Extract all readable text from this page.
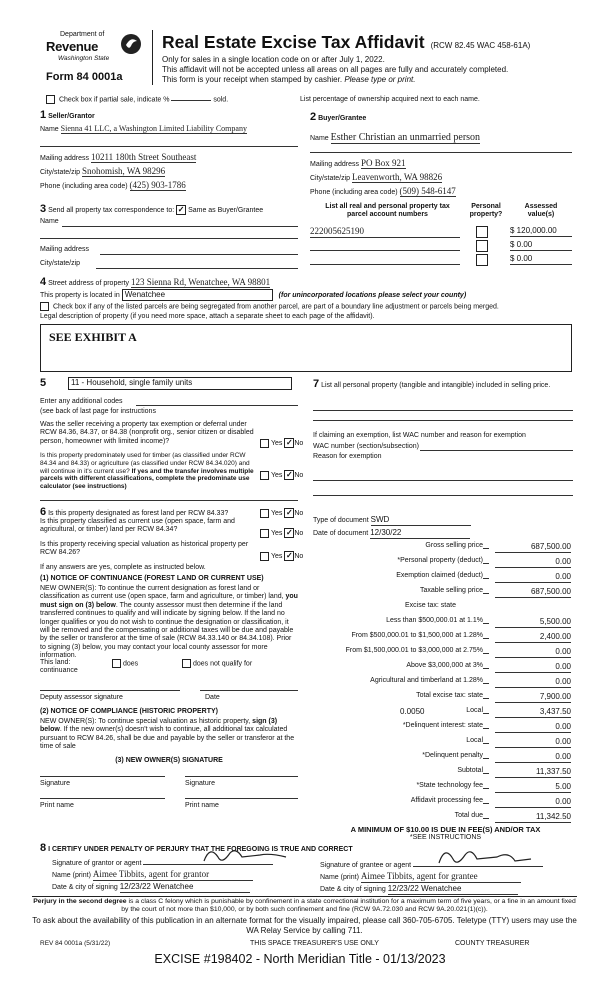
Department of
Revenue
Washington State
Form 84 0001a
Real Estate Excise Tax Affidavit (RCW 82.45 WAC 458-61A)
Only for sales in a single location code on or after July 1, 2022.
This affidavit will not be accepted unless all areas on all pages are fully and accurately completed.
This form is your receipt when stamped by cashier. Please type or print.
Check box if partial sale, indicate %	sold.	List percentage of ownership acquired next to each name.
1 Seller/Grantor
Name Sienna 41 LLC, a Washington Limited Liability Company
Mailing address 10211 180th Street Southeast
City/state/zip Snohomish, WA 98296
Phone (including area code) (425) 903-1786
2 Buyer/Grantee
Name Esther Christian an unmarried person
Mailing address PO Box 921
City/state/zip Leavenworth, WA 98826
Phone (including area code) (509) 548-6147
3 Send all property tax correspondence to: ✓ Same as Buyer/Grantee
Name
Mailing address
City/state/zip
List all real and personal property tax
parcel account numbers
Personal
property?
Assessed
value(s)
222005625190	$ 120,000.00
$ 0.00
$ 0.00
4 Street address of property 123 Sienna Rd, Wenatchee, WA 98801
This property is located in Wenatchee	(for unincorporated locations please select your county)
Check box if any of the listed parcels are being segregated from another parcel, are part of a boundary line adjustment or parcels being merged.
Legal description of property (if you need more space, attach a separate sheet to each page of the affidavit).
SEE EXHIBIT A
5	11 - Household, single family units
Enter any additional codes
(see back of last page for instructions
Was the seller receiving a property tax exemption or deferral under RCW 84.36, 84.37, or 84.38 (nonprofit org., senior citizen or disabled person, homeowner with limited income)?	Yes ✓ No
Is this property predominately used for timber (as classified under RCW 84.34 and 84.33) or agriculture (as classified under RCW 84.34.020) and will continue in it's current use? If yes and the transfer involves multiple parcels with different classifications, complete the predominate use calculator (see instructions)
Yes ✓ No
7 List all personal property (tangible and intangible) included in selling price.
If claiming an exemption, list WAC number and reason for exemption
WAC number (section/subsection)
Reason for exemption
6 Is this property designated as forest land per RCW 84.33?	Yes ✓ No
Is this property classified as current use (open space, farm and agricultural, or timber) land per RCW 84.34?	Yes ✓ No
Is this property receiving special valuation as historical property per RCW 84.26?	Yes ✓ No
If any answers are yes, complete as instructed below.
(1) NOTICE OF CONTINUANCE (FOREST LAND OR CURRENT USE)
NEW OWNER(S): To continue the current designation as forest land or classification as current use (open space, farm and agriculture, or timber) land, you must sign on (3) below. The county assessor must then determine if the land transferred continues to qualify and will indicate by signing below. If the land no longer qualifies or you do not wish to continue the designation or classification, it will be removed and the compensating or additional taxes will be due and payable by the seller or transferor at the time of sale (RCW 84.33.140 or 84.34.108). Prior to signing (3) below, you may contact your local county assessor for more information.
This land:
continuance
does	does not qualify for
Deputy assessor signature	Date
(2) NOTICE OF COMPLIANCE (HISTORIC PROPERTY)
NEW OWNER(S): To continue special valuation as historic property, sign (3) below. If the new owner(s) doesn't wish to continue, all additional tax calculated pursuant to RCW 84.26, shall be due and payable by the seller or transferor at the time of sale
(3) NEW OWNER(S) SIGNATURE
Signature	Signature
Print name	Print name
Type of document SWD
Date of document 12/30/22
Gross selling price	687,500.00
*Personal property (deduct)	0.00
Exemption claimed (deduct)	0.00
Taxable selling price	687,500.00
Excise tax: state
Less than $500,000.01 at 1.1%	5,500.00
From $500,000.01 to $1,500,000 at 1.28%	2,400.00
From $1,500,000.01 to $3,000,000 at 2.75%	0.00
Above $3,000,000 at 3%	0.00
Agricultural and timberland at 1.28%	0.00
Total excise tax: state	7,900.00
0.0050	Local	3,437.50
*Delinquent interest: state	0.00
Local	0.00
*Delinquent penalty	0.00
Subtotal	11,337.50
*State technology fee	5.00
Affidavit processing fee	0.00
Total due	11,342.50
A MINIMUM OF $10.00 IS DUE IN FEE(S) AND/OR TAX
*SEE INSTRUCTIONS
8 I CERTIFY UNDER PENALTY OF PERJURY THAT THE FOREGOING IS TRUE AND CORRECT
Signature of grantor or agent
Name (print) Aimee Tibbits, agent for grantor
Date & city of signing 12/23/22 Wenatchee
Signature of grantee or agent
Name (print) Aimee Tibbits, agent for grantee
Date & city of signing 12/23/22 Wenatchee
Perjury in the second degree is a class C felony which is punishable by confinement in a state correctional institution for a maximum term of five years, or a fine in an amount fixed by the court of not more than $10,000, or by both such confinement and fine (RCW 9A.72.030 and RCW 9A.20.021(1)(c)).
To ask about the availability of this publication in an alternate format for the visually impaired, please call 360-705-6705. Teletype (TTY) users may use the WA Relay Service by calling 711.
REV 84 0001a (5/31/22)	THIS SPACE TREASURER'S USE ONLY	COUNTY TREASURER
EXCISE #198402 - North Meridian Title - 01/13/2023
